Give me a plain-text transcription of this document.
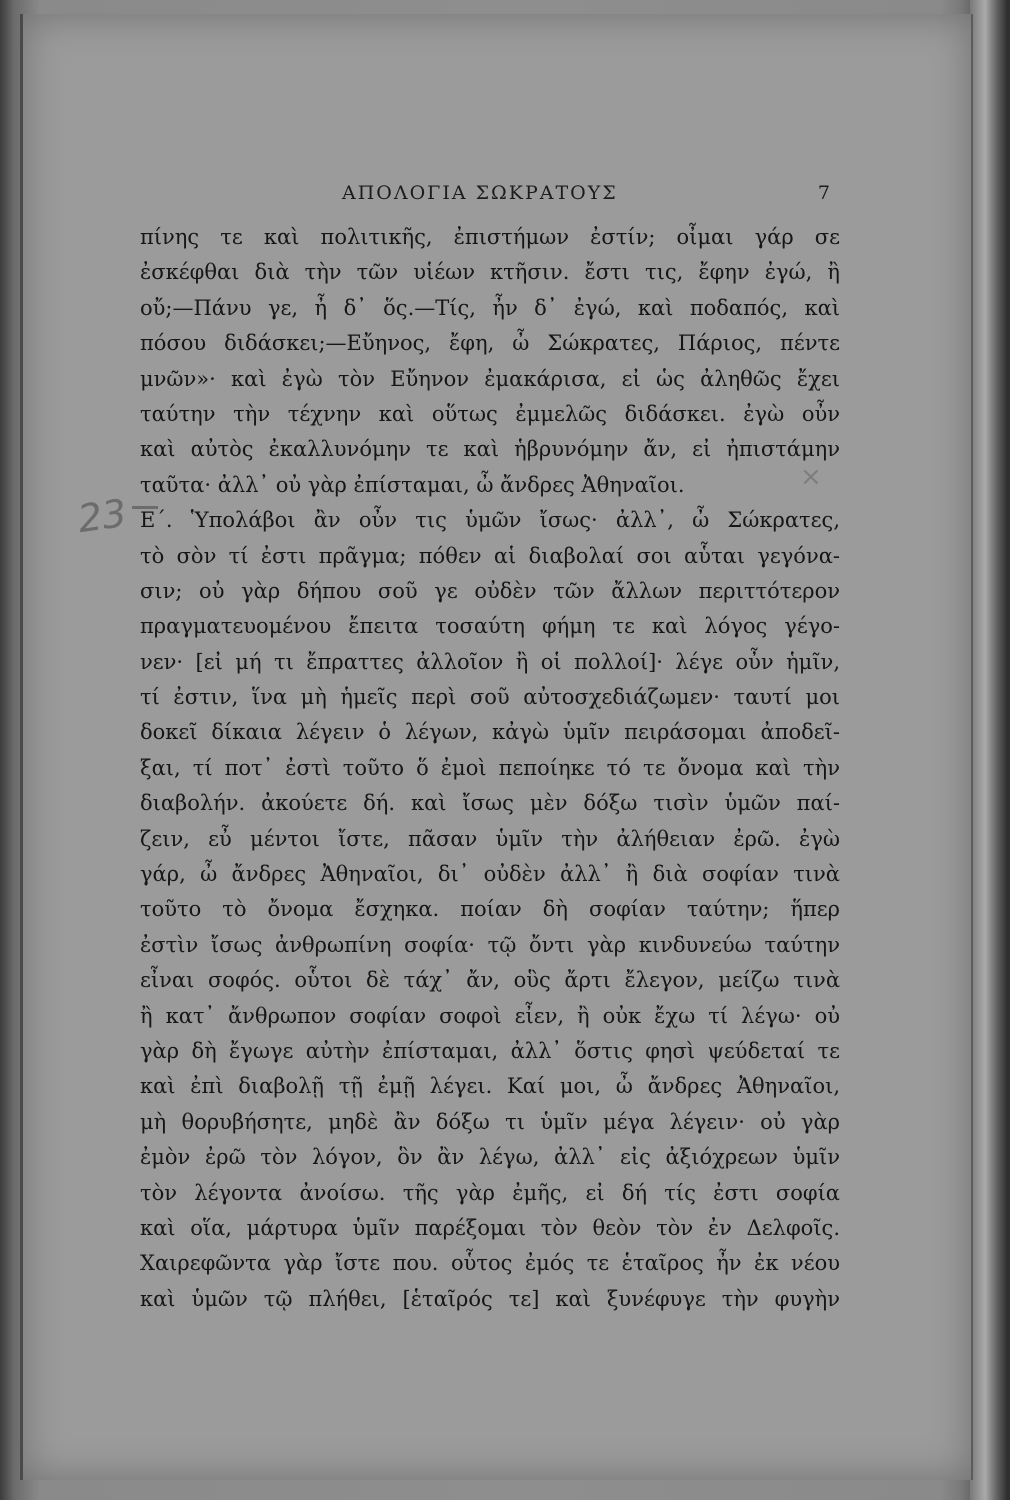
ΑΠΟΛΟΓΙΑ ΣΩΚΡΑΤΟΥΣ	7
23
×
πίνης τε καὶ πολιτικῆς, ἐπιστήμων ἐστίν; οἶμαι γάρ σε
ἐσκέφθαι διὰ τὴν τῶν υἱέων κτῆσιν. ἔστι τις, ἔφην ἐγώ, ἢ
οὔ;—Πάνυ γε, ἦ δ᾽ ὅς.—Τίς, ἦν δ᾽ ἐγώ, καὶ ποδαπός, καὶ
πόσου διδάσκει;—Εὔηνος, ἔφη, ὦ Σώκρατες, Πάριος, πέντε
μνῶν»· καὶ ἐγὼ τὸν Εὔηνον ἐμακάρισα, εἰ ὡς ἀληθῶς ἔχει
ταύτην τὴν τέχνην καὶ οὕτως ἐμμελῶς διδάσκει. ἐγὼ οὖν
καὶ αὐτὸς ἐκαλλυνόμην τε καὶ ἡβρυνόμην ἄν, εἰ ἠπιστάμην
ταῦτα· ἀλλ᾽ οὐ γὰρ ἐπίσταμαι, ὦ ἄνδρες Ἀθηναῖοι.
Ε΄. Ὑπολάβοι ἂν οὖν τις ὑμῶν ἴσως· ἀλλ᾽, ὦ Σώκρατες,
τὸ σὸν τί ἐστι πρᾶγμα; πόθεν αἱ διαβολαί σοι αὗται γεγόνα-
σιν; οὐ γὰρ δήπου σοῦ γε οὐδὲν τῶν ἄλλων περιττότερον
πραγματευομένου ἔπειτα τοσαύτη φήμη τε καὶ λόγος γέγο-
νεν· [εἰ μή τι ἔπραττες ἀλλοῖον ἢ οἱ πολλοί]· λέγε οὖν ἡμῖν,
τί ἐστιν, ἵνα μὴ ἡμεῖς περὶ σοῦ αὐτοσχεδιάζωμεν· ταυτί μοι
δοκεῖ δίκαια λέγειν ὁ λέγων, κἀγὼ ὑμῖν πειράσομαι ἀποδεῖ-
ξαι, τί ποτ᾽ ἐστὶ τοῦτο ὅ ἐμοὶ πεποίηκε τό τε ὄνομα καὶ τὴν
διαβολήν. ἀκούετε δή. καὶ ἴσως μὲν δόξω τισὶν ὑμῶν παί-
ζειν, εὖ μέντοι ἴστε, πᾶσαν ὑμῖν τὴν ἀλήθειαν ἐρῶ. ἐγὼ
γάρ, ὦ ἄνδρες Ἀθηναῖοι, δι᾽ οὐδὲν ἀλλ᾽ ἢ διὰ σοφίαν τινὰ
τοῦτο τὸ ὄνομα ἔσχηκα. ποίαν δὴ σοφίαν ταύτην; ἥπερ
ἐστὶν ἴσως ἀνθρωπίνη σοφία· τῷ ὄντι γὰρ κινδυνεύω ταύτην
εἶναι σοφός. οὗτοι δὲ τάχ᾽ ἄν, οὓς ἄρτι ἔλεγον, μείζω τινὰ
ἢ κατ᾽ ἄνθρωπον σοφίαν σοφοὶ εἶεν, ἢ οὐκ ἔχω τί λέγω· οὐ
γὰρ δὴ ἔγωγε αὐτὴν ἐπίσταμαι, ἀλλ᾽ ὅστις φησὶ ψεύδεταί τε
καὶ ἐπὶ διαβολῇ τῇ ἐμῇ λέγει. Καί μοι, ὦ ἄνδρες Ἀθηναῖοι,
μὴ θορυβήσητε, μηδὲ ἂν δόξω τι ὑμῖν μέγα λέγειν· οὐ γὰρ
ἐμὸν ἐρῶ τὸν λόγον, ὃν ἂν λέγω, ἀλλ᾽ εἰς ἀξιόχρεων ὑμῖν
τὸν λέγοντα ἀνοίσω. τῆς γὰρ ἐμῆς, εἰ δή τίς ἐστι σοφία
καὶ οἵα, μάρτυρα ὑμῖν παρέξομαι τὸν θεὸν τὸν ἐν Δελφοῖς.
Χαιρεφῶντα γὰρ ἴστε που. οὗτος ἐμός τε ἑταῖρος ἦν ἐκ νέου
καὶ ὑμῶν τῷ πλήθει, [ἑταῖρός τε] καὶ ξυνέφυγε τὴν φυγὴν
